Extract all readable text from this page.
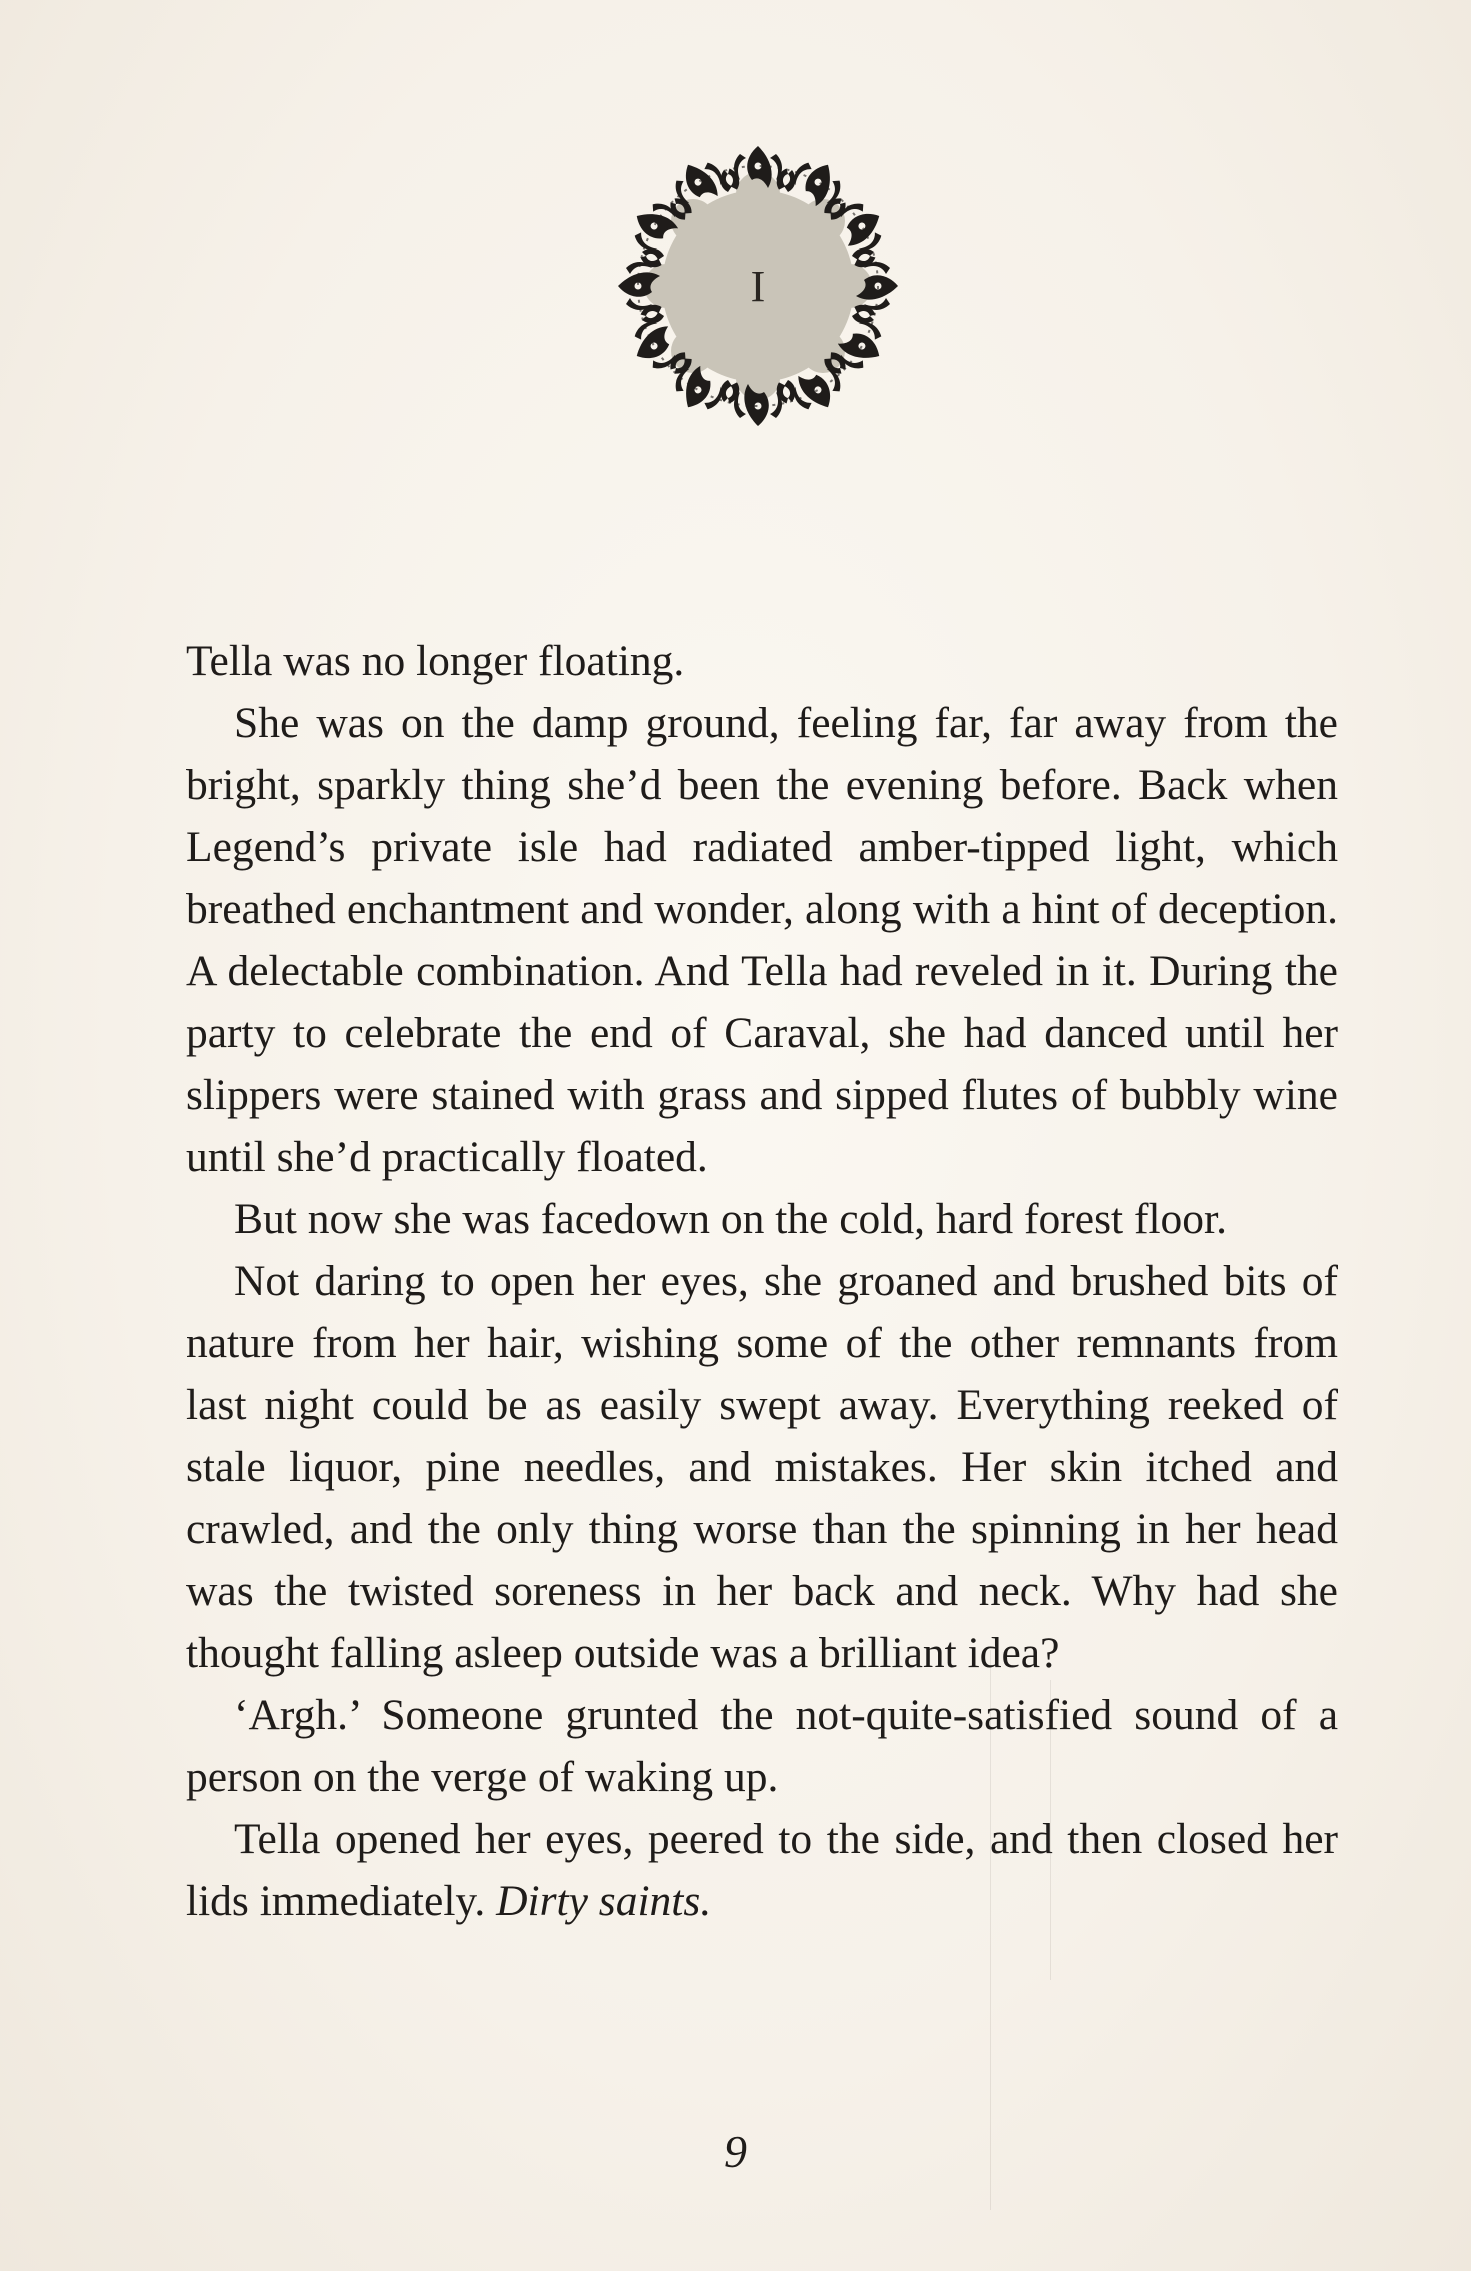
I

Tella was no longer floating.

She was on the damp ground, feeling far, far away from the bright, sparkly thing she’d been the evening before. Back when Legend’s private isle had radiated amber-tipped light, which breathed enchantment and wonder, along with a hint of deception. A delectable combination. And Tella had reveled in it. During the party to celebrate the end of Caraval, she had danced until her slippers were stained with grass and sipped flutes of bubbly wine until she’d practically floated.

But now she was facedown on the cold, hard forest floor.

Not daring to open her eyes, she groaned and brushed bits of nature from her hair, wishing some of the other remnants from last night could be as easily swept away. Everything reeked of stale liquor, pine needles, and mistakes. Her skin itched and crawled, and the only thing worse than the spinning in her head was the twisted soreness in her back and neck. Why had she thought falling asleep outside was a brilliant idea?

‘Argh.’ Someone grunted the not-quite-satisfied sound of a person on the verge of waking up.

Tella opened her eyes, peered to the side, and then closed her lids immediately. Dirty saints.

9
